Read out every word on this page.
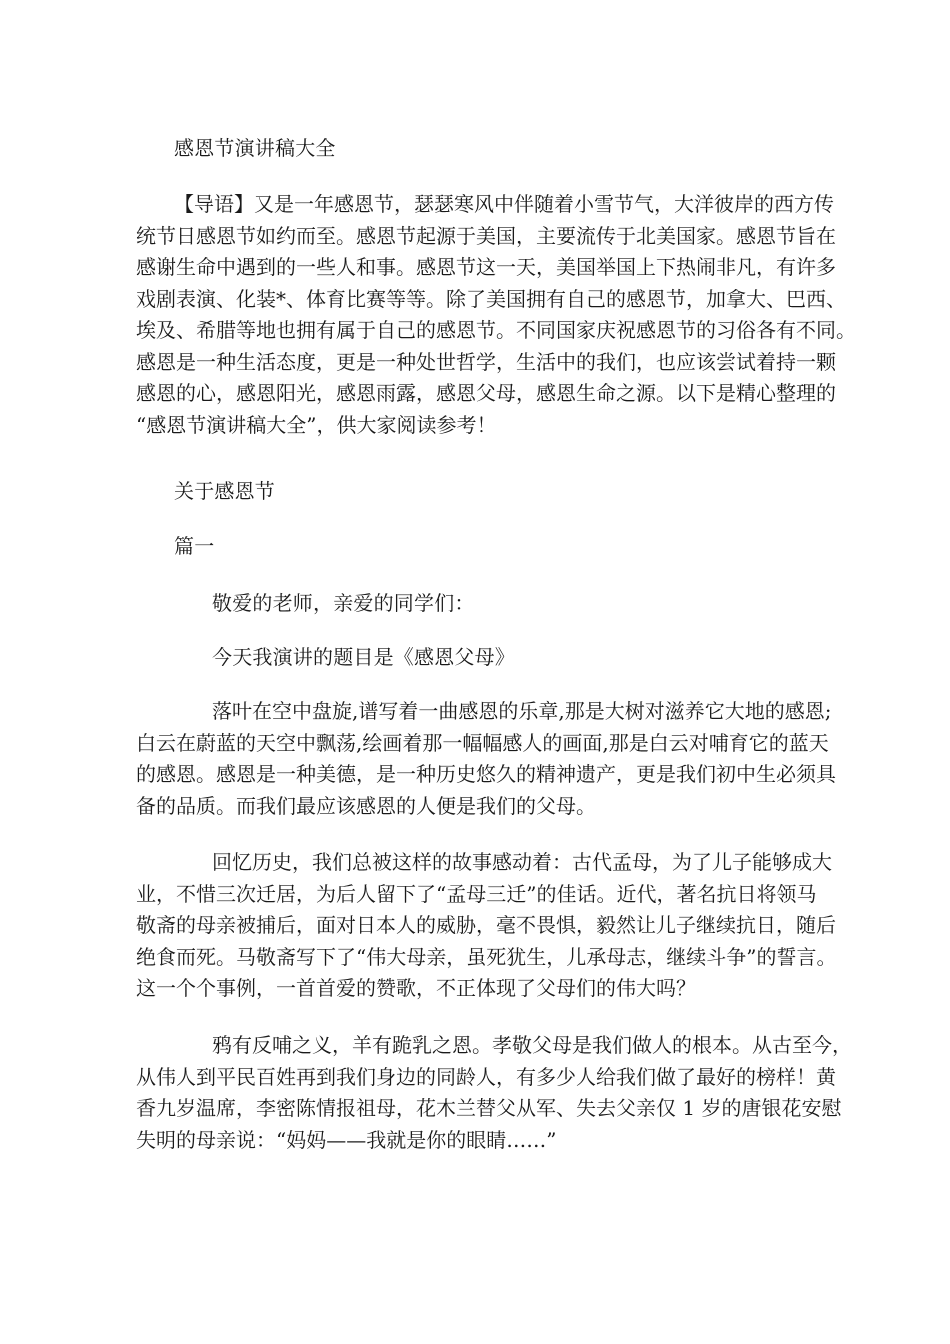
感恩节演讲稿大全
【导语】又是一年感恩节，瑟瑟寒风中伴随着小雪节气，大洋彼岸的西方传
统节日感恩节如约而至。感恩节起源于美国，主要流传于北美国家。感恩节旨在
感谢生命中遇到的一些人和事。感恩节这一天，美国举国上下热闹非凡，有许多
戏剧表演、化装*、体育比赛等等。除了美国拥有自己的感恩节，加拿大、巴西、
埃及、希腊等地也拥有属于自己的感恩节。不同国家庆祝感恩节的习俗各有不同。
感恩是一种生活态度，更是一种处世哲学，生活中的我们，也应该尝试着持一颗
感恩的心，感恩阳光，感恩雨露，感恩父母，感恩生命之源。以下是精心整理的
“感恩节演讲稿大全”，供大家阅读参考！
关于感恩节
篇一
敬爱的老师，亲爱的同学们：
今天我演讲的题目是《感恩父母》
落叶在空中盘旋,谱写着一曲感恩的乐章,那是大树对滋养它大地的感恩;
白云在蔚蓝的天空中飘荡,绘画着那一幅幅感人的画面,那是白云对哺育它的蓝天
的感恩。感恩是一种美德，是一种历史悠久的精神遗产，更是我们初中生必须具
备的品质。而我们最应该感恩的人便是我们的父母。
回忆历史，我们总被这样的故事感动着：古代孟母，为了儿子能够成大
业，不惜三次迁居，为后人留下了“孟母三迁”的佳话。近代，著名抗日将领马
敬斋的母亲被捕后，面对日本人的威胁，毫不畏惧，毅然让儿子继续抗日，随后
绝食而死。马敬斋写下了“伟大母亲，虽死犹生，儿承母志，继续斗争”的誓言。
这一个个事例，一首首爱的赞歌，不正体现了父母们的伟大吗？
鸦有反哺之义，羊有跪乳之恩。孝敬父母是我们做人的根本。从古至今，
从伟人到平民百姓再到我们身边的同龄人，有多少人给我们做了最好的榜样！黄
香九岁温席，李密陈情报祖母，花木兰替父从军、失去父亲仅 1 岁的唐银花安慰
失明的母亲说：“妈妈——我就是你的眼睛……”
